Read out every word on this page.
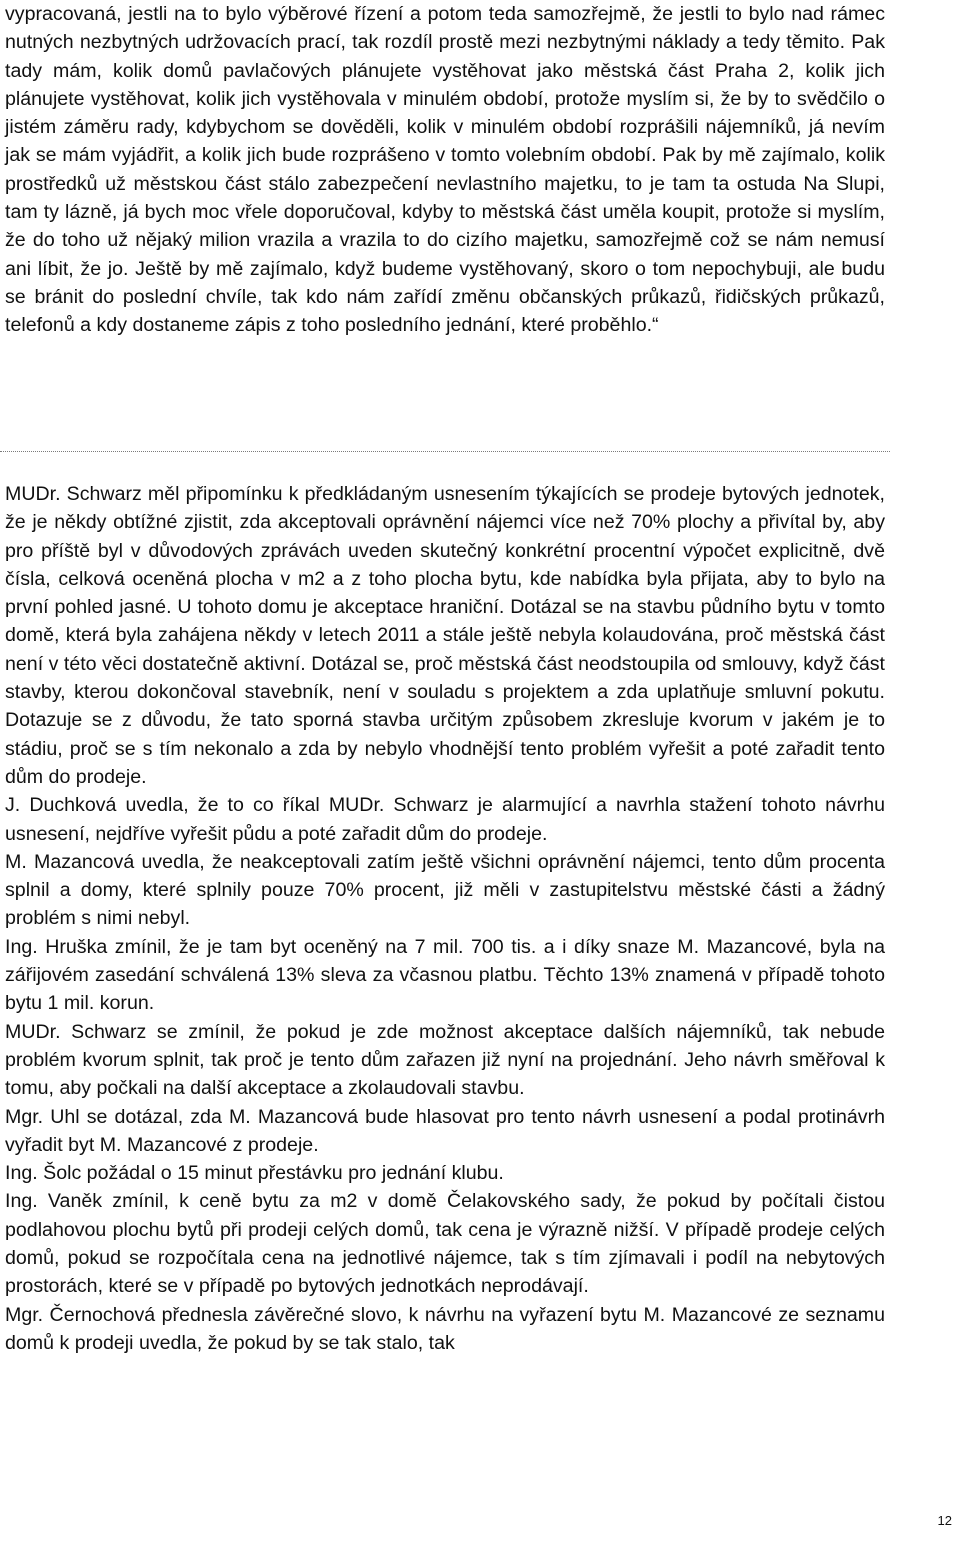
vypracovaná, jestli na to bylo výběrové řízení a potom teda samozřejmě, že jestli to bylo nad rámec nutných nezbytných udržovacích prací, tak rozdíl prostě mezi nezbytnými náklady a tedy těmito. Pak tady mám, kolik domů pavlačových plánujete vystěhovat jako městská část Praha 2, kolik jich plánujete vystěhovat, kolik jich vystěhovala v minulém období, protože myslím si, že by to svědčilo o jistém záměru rady, kdybychom se dověděli, kolik v minulém období rozprášili nájemníků, já nevím jak se mám vyjádřit, a kolik jich bude rozprášeno v tomto volebním období. Pak by mě zajímalo, kolik prostředků už městskou část stálo zabezpečení nevlastního majetku, to je tam ta ostuda Na Slupi, tam ty lázně, já bych moc vřele doporučoval, kdyby to městská část uměla koupit, protože si myslím, že do toho už nějaký milion vrazila a vrazila to do cizího majetku, samozřejmě což se nám nemusí ani líbit, že jo. Ještě by mě zajímalo, když budeme vystěhovaný, skoro o tom nepochybuji, ale budu se bránit do poslední chvíle, tak kdo nám zařídí změnu občanských průkazů, řidičských průkazů, telefonů a kdy dostaneme zápis z toho posledního jednání, které proběhlo.“

MUDr. Schwarz měl připomínku k předkládaným usnesením týkajících se prodeje bytových jednotek, že je někdy obtížné zjistit, zda akceptovali oprávnění nájemci více než 70% plochy a přivítal by, aby pro příště byl v důvodových zprávách uveden skutečný konkrétní procentní výpočet explicitně, dvě čísla, celková oceněná plocha v m2 a z toho plocha bytu, kde nabídka byla přijata, aby to bylo na první pohled jasné. U tohoto domu je akceptace hraniční. Dotázal se na stavbu půdního bytu v tomto domě, která byla zahájena někdy v letech 2011 a stále ještě nebyla kolaudována, proč městská část není v této věci dostatečně aktivní. Dotázal se, proč městská část neodstoupila od smlouvy, když část stavby, kterou dokončoval stavebník, není v souladu s projektem a zda uplatňuje smluvní pokutu. Dotazuje se z důvodu, že tato sporná stavba určitým způsobem zkresluje kvorum v jakém je to stádiu, proč se s tím nekonalo a zda by nebylo vhodnější tento problém vyřešit a poté zařadit tento dům do prodeje.

J. Duchková uvedla, že to co říkal MUDr. Schwarz je alarmující a navrhla stažení tohoto návrhu usnesení, nejdříve vyřešit půdu a poté zařadit dům do prodeje.

M. Mazancová uvedla, že neakceptovali zatím ještě všichni oprávnění nájemci, tento dům procenta splnil a domy, které splnily pouze 70% procent, již měli v zastupitelstvu městské části a žádný problém s nimi nebyl.

Ing. Hruška zmínil, že je tam byt oceněný na 7 mil. 700 tis. a i díky snaze M. Mazancové, byla na zářijovém zasedání schválená 13% sleva za včasnou platbu. Těchto 13% znamená v případě tohoto bytu 1 mil. korun.

MUDr. Schwarz se zmínil, že pokud je zde možnost akceptace dalších nájemníků, tak nebude problém kvorum splnit, tak proč je tento dům zařazen již nyní na projednání. Jeho návrh směřoval k tomu, aby počkali na další akceptace a zkolaudovali stavbu.

Mgr. Uhl se dotázal, zda M. Mazancová bude hlasovat pro tento návrh usnesení a podal protinávrh vyřadit byt M. Mazancové z prodeje.

Ing. Šolc požádal o 15 minut přestávku pro jednání klubu.

Ing. Vaněk zmínil, k ceně bytu za m2 v domě Čelakovského sady, že pokud by počítali čistou podlahovou plochu bytů při prodeji celých domů, tak cena je výrazně nižší. V případě prodeje celých domů, pokud se rozpočítala cena na jednotlivé nájemce, tak s tím zjímavali i podíl na nebytových prostorách, které se v případě po bytových jednotkách neprodávají.

Mgr. Černochová přednesla závěrečné slovo, k návrhu na vyřazení bytu M. Mazancové ze seznamu domů k prodeji uvedla, že pokud by se tak stalo, tak

12
